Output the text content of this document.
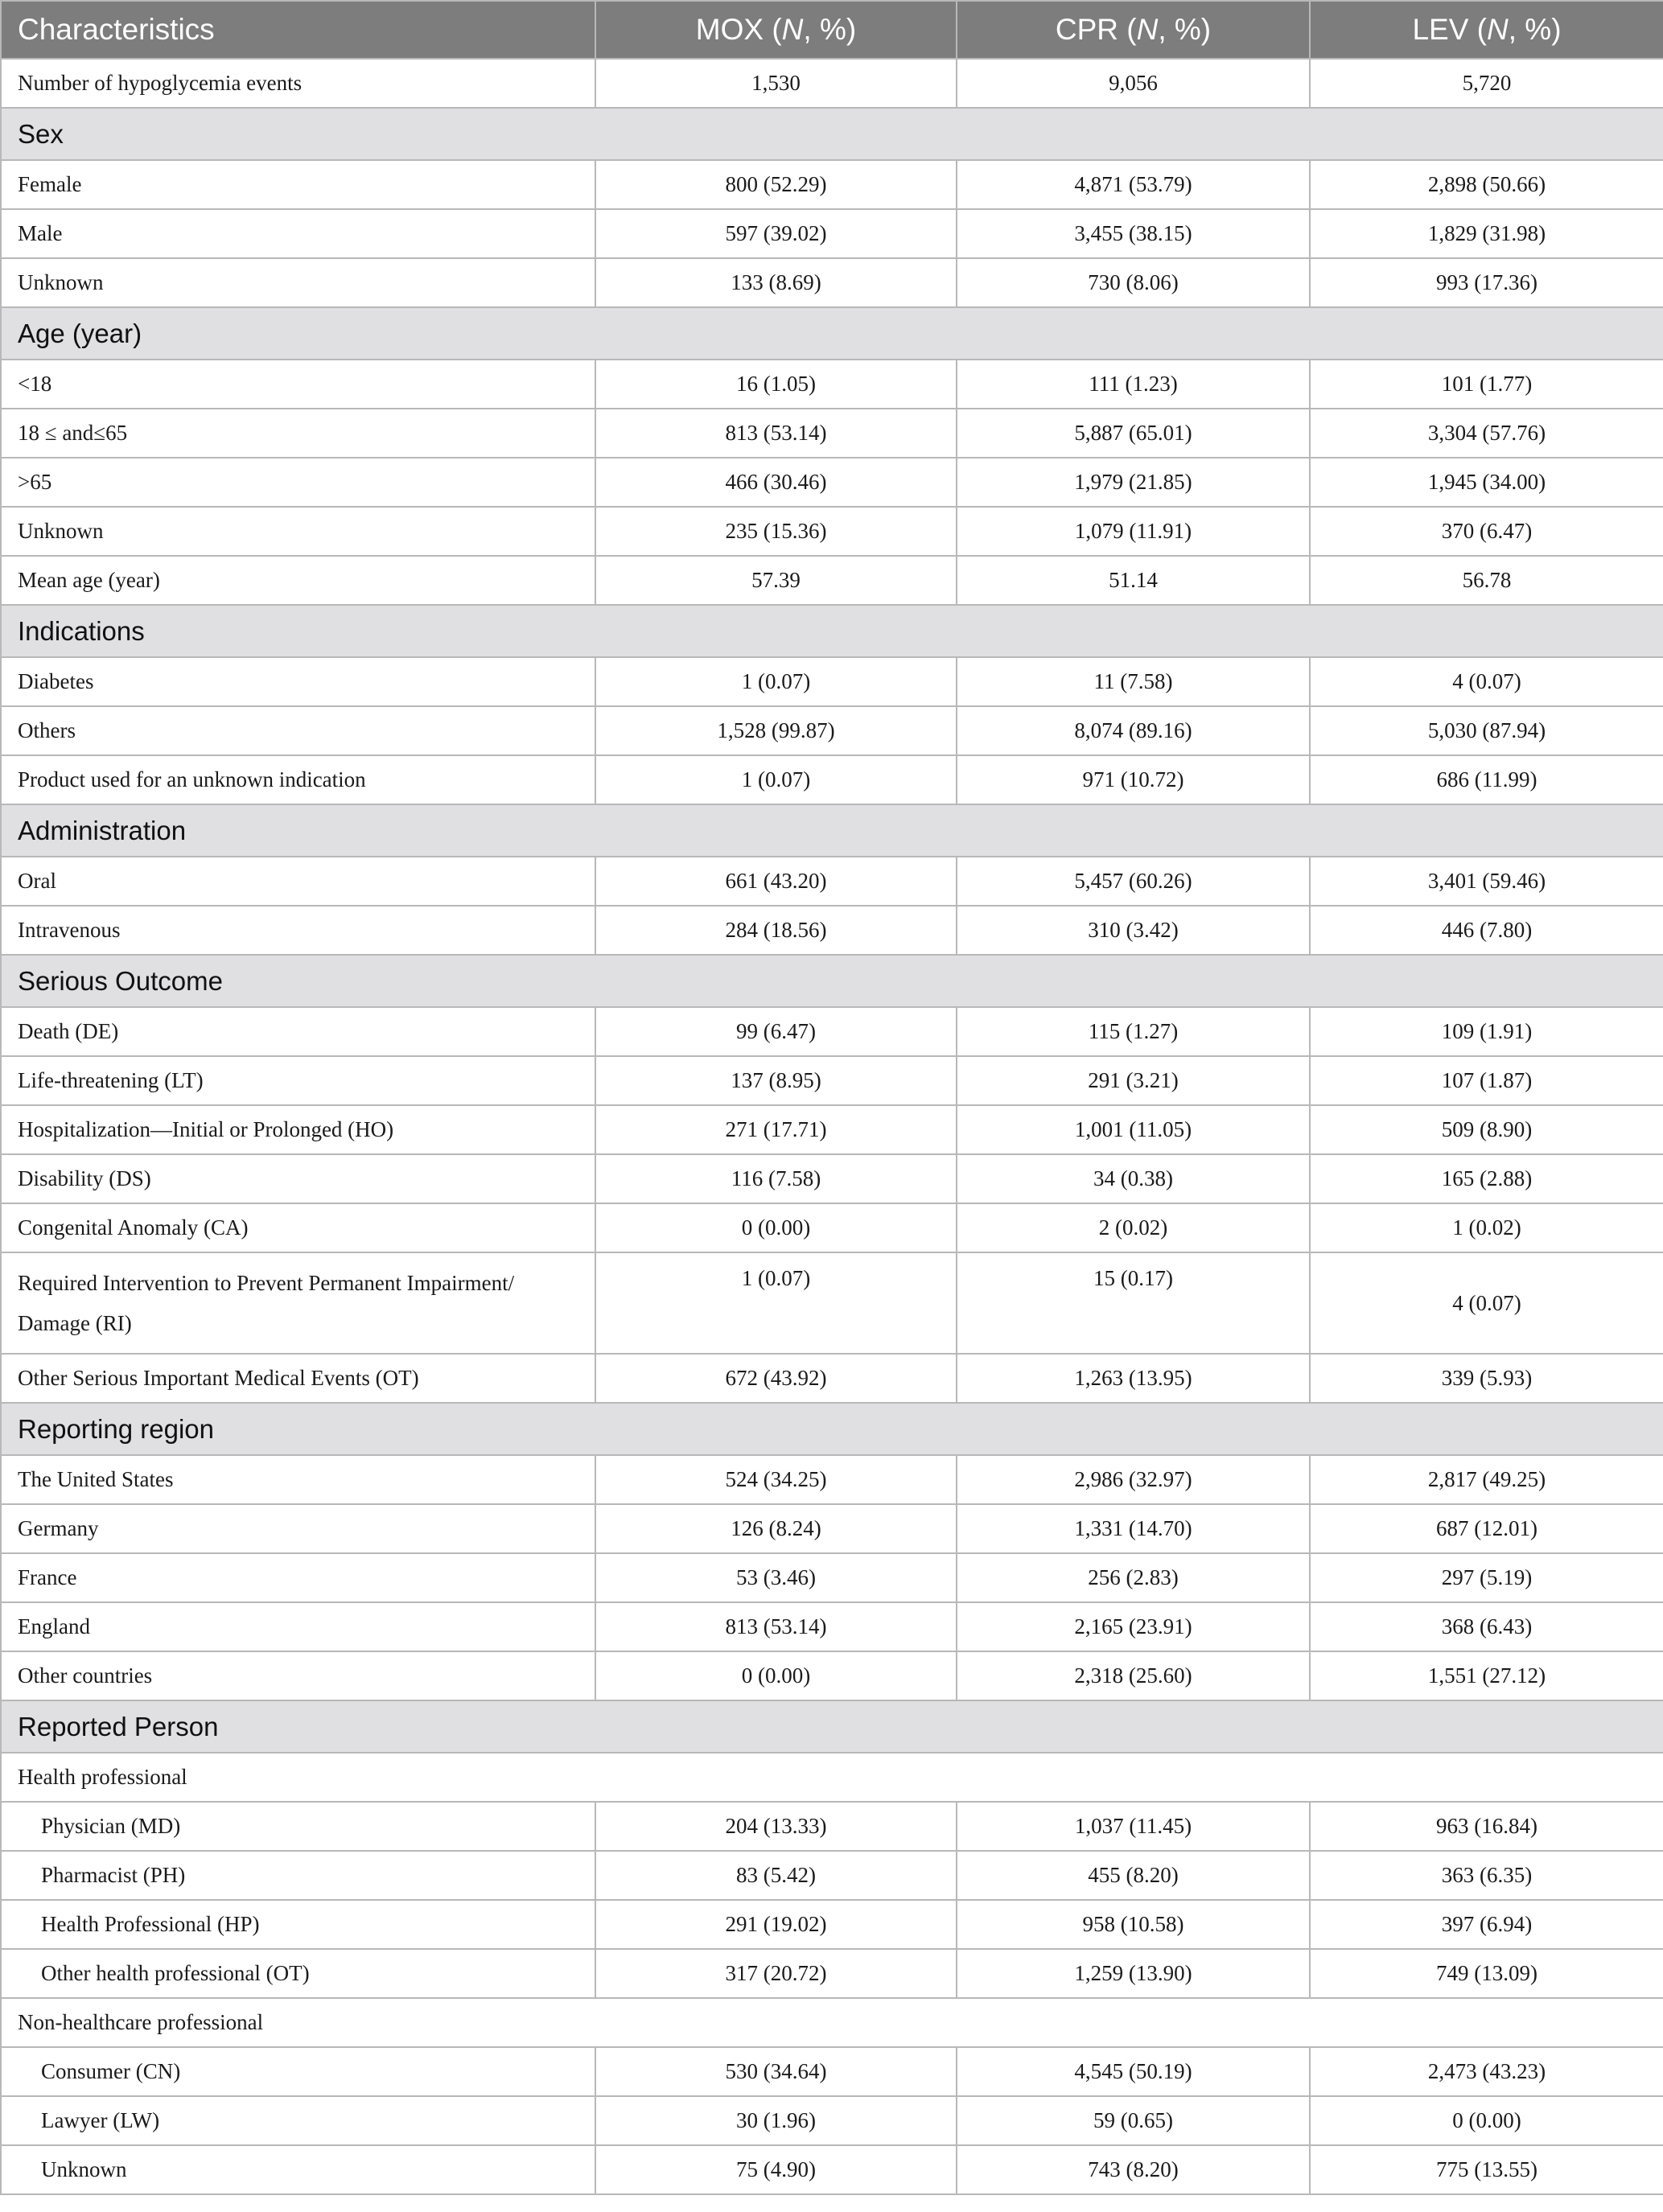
Characteristics	MOX (N, %)	CPR (N, %)	LEV (N, %)
Number of hypoglycemia events	1,530	9,056	5,720
Sex			
Female	800 (52.29)	4,871 (53.79)	2,898 (50.66)
Male	597 (39.02)	3,455 (38.15)	1,829 (31.98)
Unknown	133 (8.69)	730 (8.06)	993 (17.36)
Age (year)			
<18	16 (1.05)	111 (1.23)	101 (1.77)
18 ≤ and≤65	813 (53.14)	5,887 (65.01)	3,304 (57.76)
>65	466 (30.46)	1,979 (21.85)	1,945 (34.00)
Unknown	235 (15.36)	1,079 (11.91)	370 (6.47)
Mean age (year)	57.39	51.14	56.78
Indications			
Diabetes	1 (0.07)	11 (7.58)	4 (0.07)
Others	1,528 (99.87)	8,074 (89.16)	5,030 (87.94)
Product used for an unknown indication	1 (0.07)	971 (10.72)	686 (11.99)
Administration			
Oral	661 (43.20)	5,457 (60.26)	3,401 (59.46)
Intravenous	284 (18.56)	310 (3.42)	446 (7.80)
Serious Outcome			
Death (DE)	99 (6.47)	115 (1.27)	109 (1.91)
Life-threatening (LT)	137 (8.95)	291 (3.21)	107 (1.87)
Hospitalization—Initial or Prolonged (HO)	271 (17.71)	1,001 (11.05)	509 (8.90)
Disability (DS)	116 (7.58)	34 (0.38)	165 (2.88)
Congenital Anomaly (CA)	0 (0.00)	2 (0.02)	1 (0.02)
Required Intervention to Prevent Permanent Impairment/
Damage (RI)	1 (0.07)	15 (0.17)	4 (0.07)
Other Serious Important Medical Events (OT)	672 (43.92)	1,263 (13.95)	339 (5.93)
Reporting region			
The United States	524 (34.25)	2,986 (32.97)	2,817 (49.25)
Germany	126 (8.24)	1,331 (14.70)	687 (12.01)
France	53 (3.46)	256 (2.83)	297 (5.19)
England	813 (53.14)	2,165 (23.91)	368 (6.43)
Other countries	0 (0.00)	2,318 (25.60)	1,551 (27.12)
Reported Person			
Health professional			
Physician (MD)	204 (13.33)	1,037 (11.45)	963 (16.84)
Pharmacist (PH)	83 (5.42)	455 (8.20)	363 (6.35)
Health Professional (HP)	291 (19.02)	958 (10.58)	397 (6.94)
Other health professional (OT)	317 (20.72)	1,259 (13.90)	749 (13.09)
Non-healthcare professional			
Consumer (CN)	530 (34.64)	4,545 (50.19)	2,473 (43.23)
Lawyer (LW)	30 (1.96)	59 (0.65)	0 (0.00)
Unknown	75 (4.90)	743 (8.20)	775 (13.55)
